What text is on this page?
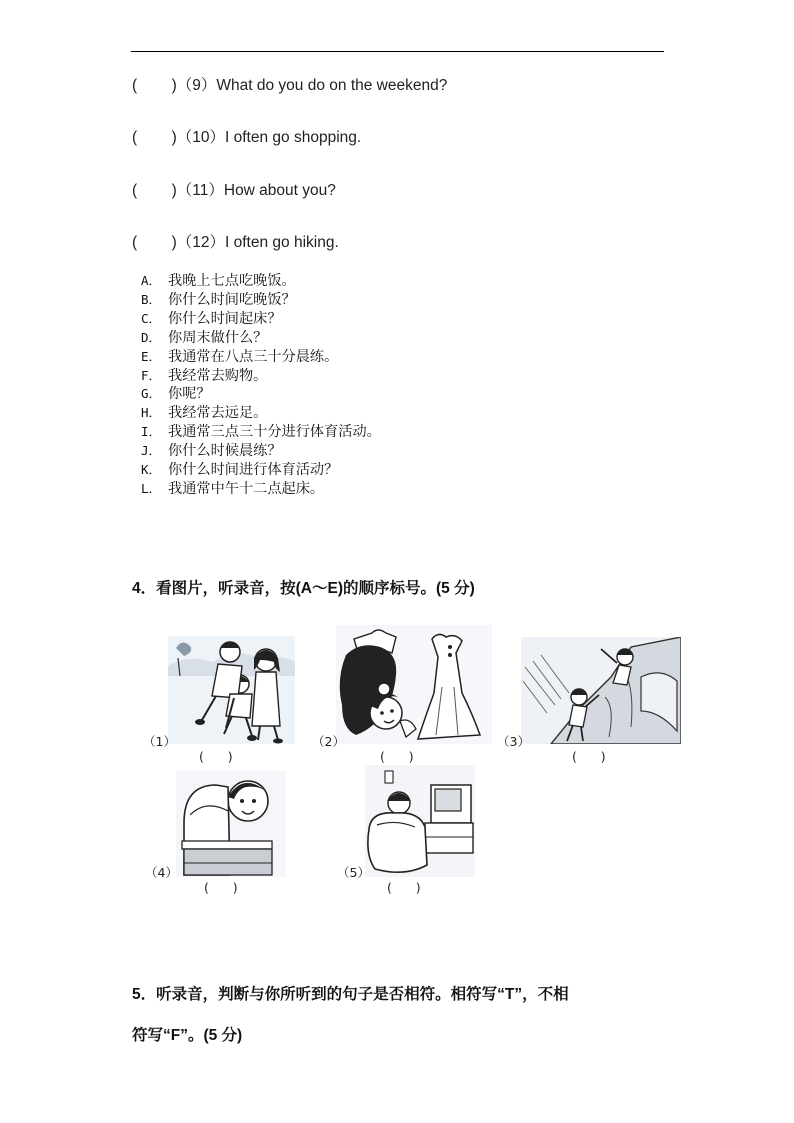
(        )（9）What do you do on the weekend?
(        )（10）I often go shopping.
(        )（11）How about you?
(        )（12）I often go hiking.
A． 我晚上七点吃晚饭。
B． 你什么时间吃晚饭？
C． 你什么时间起床？
D． 你周末做什么？
E． 我通常在八点三十分晨练。
F． 我经常去购物。
G． 你呢？
H． 我经常去远足。
I． 我通常三点三十分进行体育活动。
J． 你什么时候晨练？
K． 你什么时间进行体育活动？
L． 我通常中午十二点起床。
4．看图片，听录音，按(A～E)的顺序标号。(5 分)
（1）
(      )
（2）
(      )
（3）
(      )
（4）
(      )
（5）
(      )
5．听录音，判断与你所听到的句子是否相符。相符写“T”，不相
符写“F”。(5 分)
